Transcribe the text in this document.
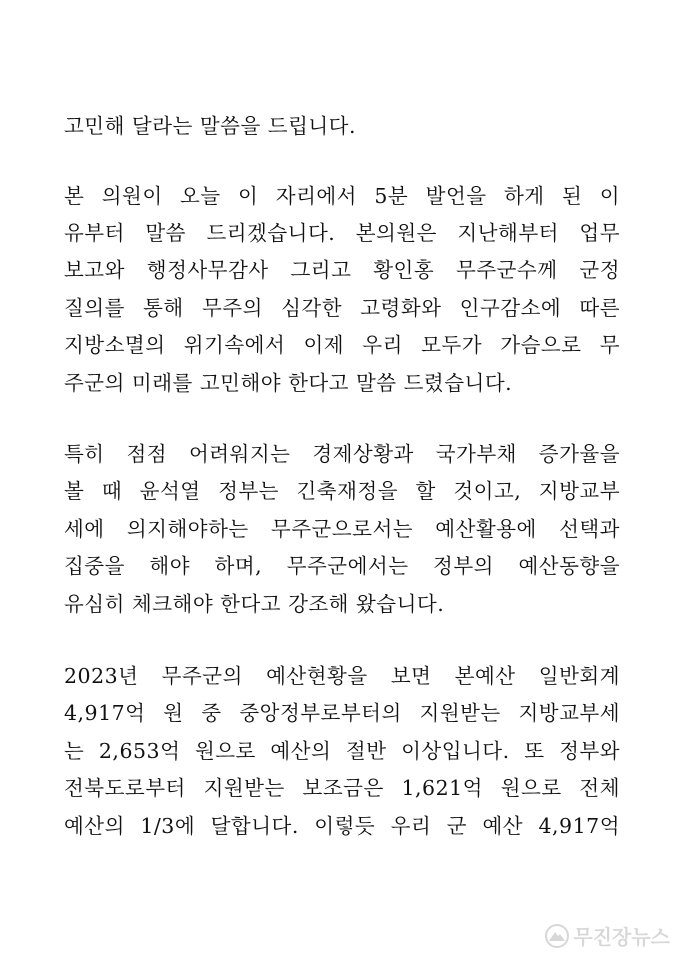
고민해 달라는 말씀을 드립니다.
본 의원이 오늘 이 자리에서 5분 발언을 하게 된 이
유부터 말씀 드리겠습니다. 본의원은 지난해부터 업무
보고와 행정사무감사 그리고 황인홍 무주군수께 군정
질의를 통해 무주의 심각한 고령화와 인구감소에 따른
지방소멸의 위기속에서 이제 우리 모두가 가슴으로 무
주군의 미래를 고민해야 한다고 말씀 드렸습니다.
특히 점점 어려워지는 경제상황과 국가부채 증가율을
볼 때 윤석열 정부는 긴축재정을 할 것이고, 지방교부
세에 의지해야하는 무주군으로서는 예산활용에 선택과
집중을 해야 하며, 무주군에서는 정부의 예산동향을
유심히 체크해야 한다고 강조해 왔습니다.
2023년 무주군의 예산현황을 보면 본예산 일반회계
4,917억 원 중 중앙정부로부터의 지원받는 지방교부세
는 2,653억 원으로 예산의 절반 이상입니다. 또 정부와
전북도로부터 지원받는 보조금은 1,621억 원으로 전체
예산의 1/3에 달합니다. 이렇듯 우리 군 예산 4,917억
무진장뉴스
